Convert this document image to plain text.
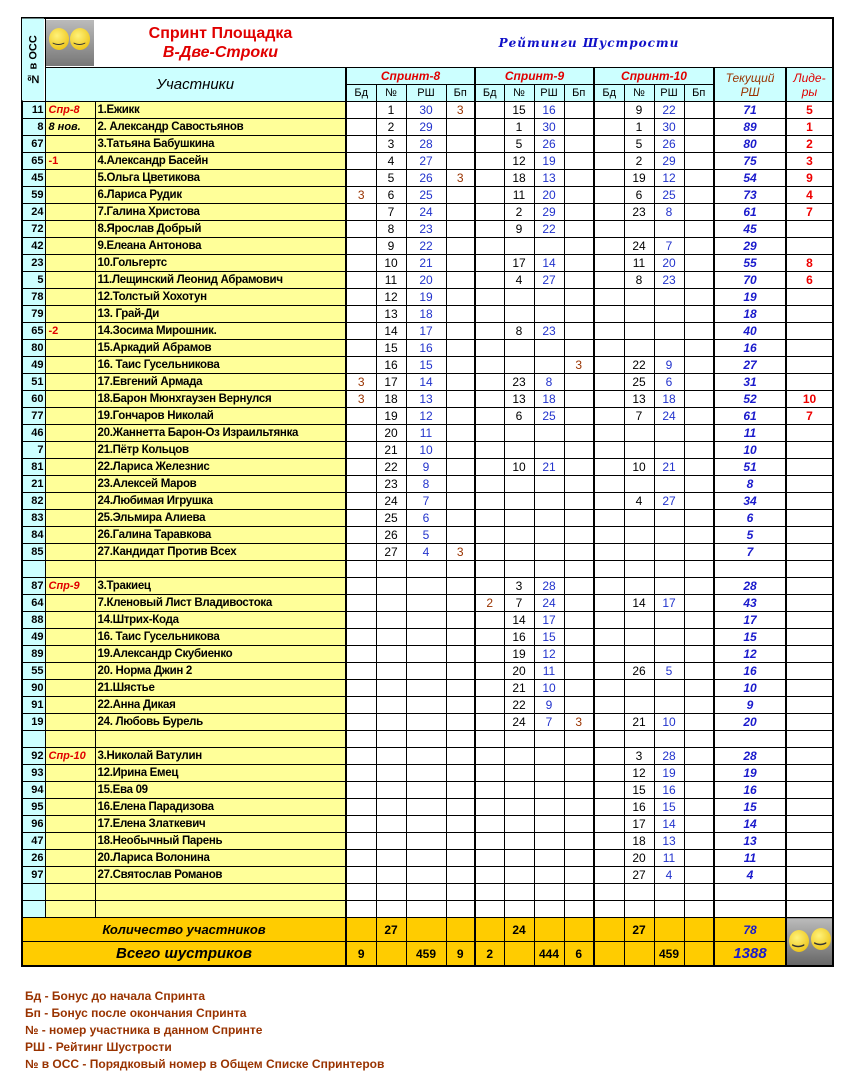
№ в ОСС	
‿
‿	Спринт Площадка
В-Две-Строки	Рейтинги Шустрости													
	Участники		Спринт-8				Спринт-9				Спринт-10				Текущий РШ	Лиде-ры
			Бд	№	РШ	Бп	Бд	№	РШ	Бп	Бд	№	РШ	Бп		
11	Спр-8	1.Ежикк		1	30	3		15	16			9	22		71	5
8	8 нов.	2. Александр Савостьянов		2	29			1	30			1	30		89	1
67		3.Татьяна Бабушкина		3	28			5	26			5	26		80	2
65	-1	4.Александр Басейн		4	27			12	19			2	29		75	3
45		5.Ольга Цветикова		5	26	3		18	13			19	12		54	9
59		6.Лариса Рудик	3	6	25			11	20			6	25		73	4
24		7.Галина Христова		7	24			2	29			23	8		61	7
72		8.Ярослав Добрый		8	23			9	22						45	
42		9.Елеана Антонова		9	22							24	7		29	
23		10.Гольгертс		10	21			17	14			11	20		55	8
5		11.Лещинский Леонид Абрамович		11	20			4	27			8	23		70	6
78		12.Толстый Хохотун		12	19										19	
79		13. Грай-Ди		13	18										18	
65	-2	14.Зосима Мирошник.		14	17			8	23						40	
80		15.Аркадий Абрамов		15	16										16	
49		16. Таис Гусельникова		16	15					3		22	9		27	
51		17.Евгений Армада	3	17	14			23	8			25	6		31	
60		18.Барон Мюнхгаузен Вернулся	3	18	13			13	18			13	18		52	10
77		19.Гончаров Николай		19	12			6	25			7	24		61	7
46		20.Жаннетта Барон-Оз Израильтянка		20	11										11	
7		21.Пётр Кольцов		21	10										10	
81		22.Лариса Железнис		22	9			10	21			10	21		51	
21		23.Алексей Маров		23	8										8	
82		24.Любимая Игрушка		24	7							4	27		34	
83		25.Эльмира Алиева		25	6										6	
84		26.Галина Таравкова		26	5										5	
85		27.Кандидат Против Всех		27	4	3									7	

87	Спр-9	3.Тракиец						3	28						28	
64		7.Кленовый Лист Владивостока					2	7	24			14	17		43	
88		14.Штрих-Кода						14	17						17	
49		16. Таис Гусельникова						16	15						15	
89		19.Александр Скубиенко						19	12						12	
55		20. Норма Джин 2						20	11			26	5		16	
90		21.Шястье						21	10						10	
91		22.Анна Дикая						22	9						9	
19		24. Любовь Бурель						24	7	3		21	10		20	

92	Спр-10	3.Николай Ватулин										3	28		28	
93		12.Ирина Емец										12	19		19	
94		15.Ева 09										15	16		16	
95		16.Елена Парадизова										16	15		15	
96		17.Елена Златкевич										17	14		14	
47		18.Необычный Парень										18	13		13	
26		20.Лариса Волонина										20	11		11	
97		27.Святослав Романов										27	4		4	

Количество участников				27				24				27			78	
‿
‿

Всего шустриков			9		459	9	2		444	6			459		1388	
Бд - Бонус до начала Спринта
Бп - Бонус после окончания Спринта
№ - номер участника в данном Спринте
РШ - Рейтинг Шустрости
№ в ОСС - Порядковый номер в Общем Списке Спринтеров
